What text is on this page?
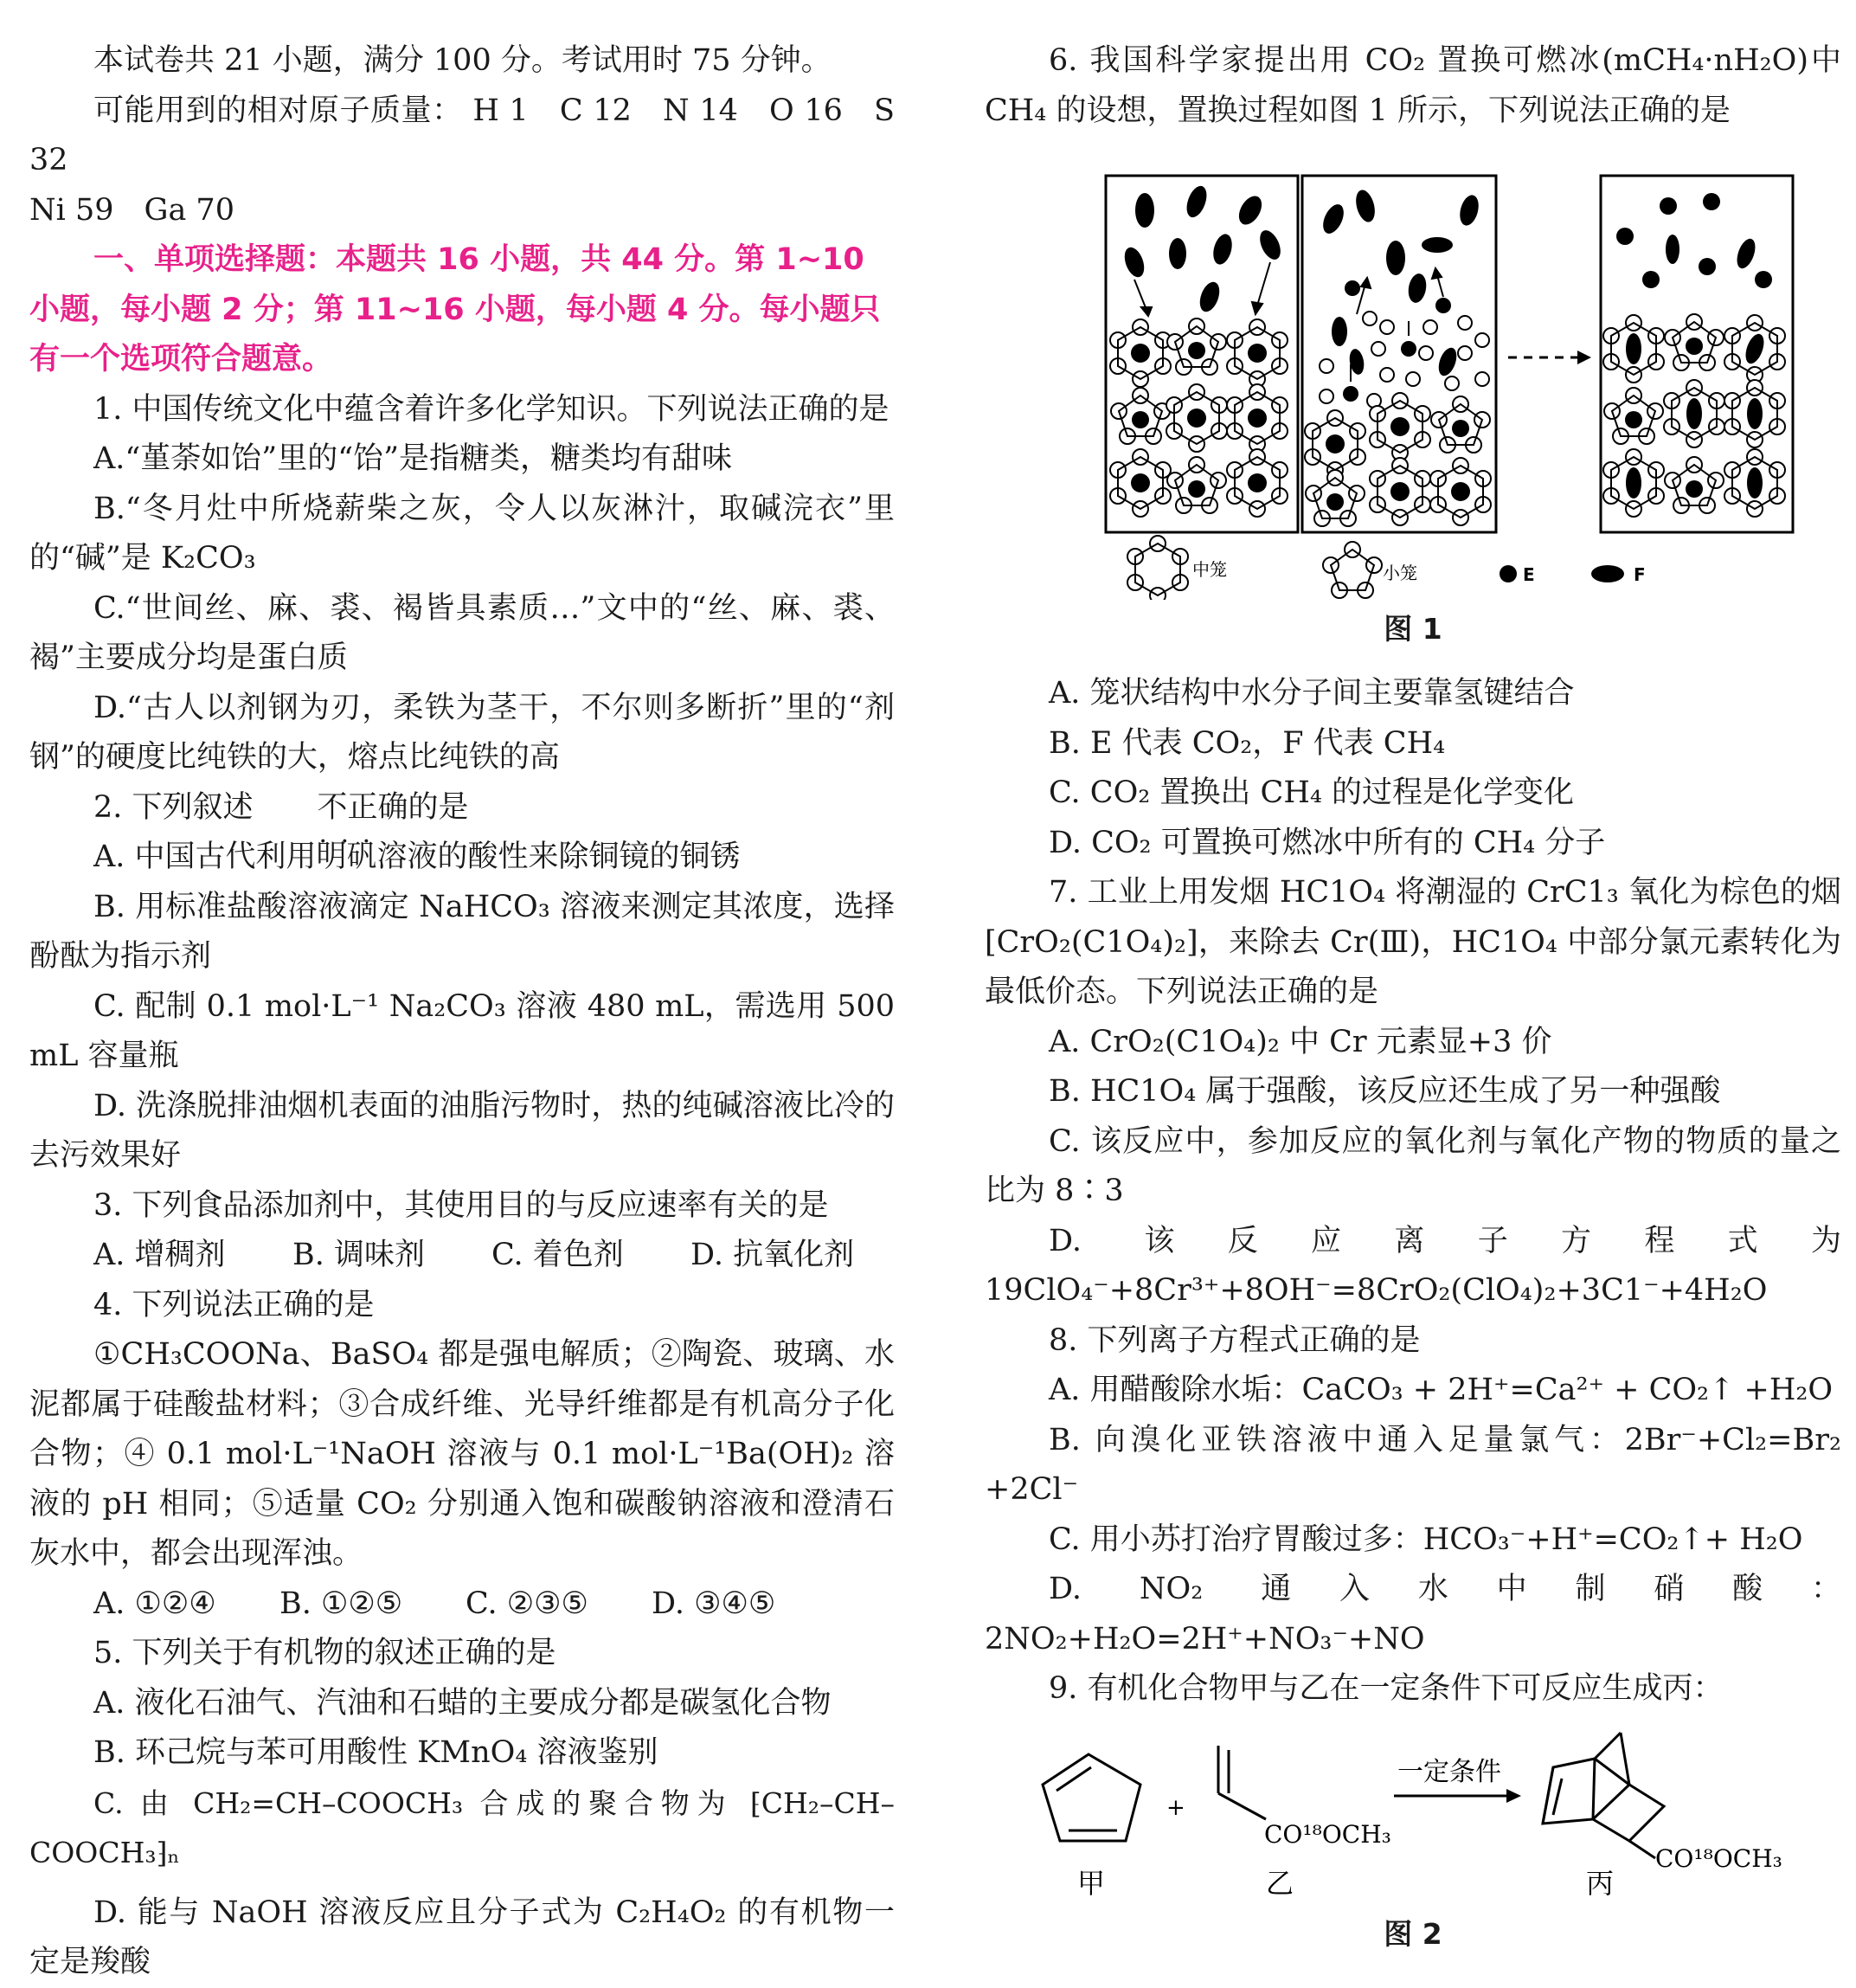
本试卷共 21 小题，满分 100 分。考试用时 75 分钟。

可能用到的相对原子质量： H 1　C 12　N 14　O 16　S 32

Ni 59　Ga 70

一、单项选择题：本题共 16 小题，共 44 分。第 1~10 小题，每小题 2 分；第 11~16 小题，每小题 4 分。每小题只有一个选项符合题意。

1. 中国传统文化中蕴含着许多化学知识。下列说法正确的是

A.“堇荼如饴”里的“饴”是指糖类，糖类均有甜味

B.“冬月灶中所烧薪柴之灰，令人以灰淋汁，取碱浣衣”里的“碱”是 K₂CO₃

C.“世间丝、麻、裘、褐皆具素质…”文中的“丝、麻、裘、褐”主要成分均是蛋白质

D.“古人以剂钢为刃，柔铁为茎干，不尔则多断折”里的“剂钢”的硬度比纯铁的大，熔点比纯铁的高

2. 下列叙述 不正确 · · ·的是

A. 中国古代利用明矾溶液的酸性来除铜镜的铜锈

B. 用标准盐酸溶液滴定 NaHCO₃ 溶液来测定其浓度，选择酚酞为指示剂

C. 配制 0.1 mol·L⁻¹ Na₂CO₃ 溶液 480 mL，需选用 500 mL 容量瓶

D. 洗涤脱排油烟机表面的油脂污物时，热的纯碱溶液比冷的去污效果好

3. 下列食品添加剂中，其使用目的与反应速率有关的是

A. 增稠剂	B. 调味剂	C. 着色剂	D. 抗氧化剂

4. 下列说法正确的是

①CH₃COONa、BaSO₄ 都是强电解质；②陶瓷、玻璃、水泥都属于硅酸盐材料；③合成纤维、光导纤维都是有机高分子化合物；④ 0.1 mol·L⁻¹NaOH 溶液与 0.1 mol·L⁻¹Ba(OH)₂ 溶液的 pH 相同；⑤适量 CO₂ 分别通入饱和碳酸钠溶液和澄清石灰水中，都会出现浑浊。

A. ①②④	B. ①②⑤	C. ②③⑤	D. ③④⑤

5. 下列关于有机物的叙述正确的是

A. 液化石油气、汽油和石蜡的主要成分都是碳氢化合物

B. 环己烷与苯可用酸性 KMnO₄ 溶液鉴别

C. 由 CH₂=CH–COOCH₃ 合成的聚合物为 ⁅CH₂–CH–COOCH₃⁆ₙ

D. 能与 NaOH 溶液反应且分子式为 C₂H₄O₂ 的有机物一定是羧酸

6. 我国科学家提出用 CO₂ 置换可燃冰(mCH₄·nH₂O)中 CH₄ 的设想，置换过程如图 1 所示，下列说法正确的是

中笼	小笼	E	F

图 1

A. 笼状结构中水分子间主要靠氢键结合

B. E 代表 CO₂，F 代表 CH₄

C. CO₂ 置换出 CH₄ 的过程是化学变化

D. CO₂ 可置换可燃冰中所有的 CH₄ 分子

7. 工业上用发烟 HC1O₄ 将潮湿的 CrC1₃ 氧化为棕色的烟[CrO₂(C1O₄)₂]，来除去 Cr(Ⅲ)，HC1O₄ 中部分氯元素转化为最低价态。下列说法正确的是

A. CrO₂(C1O₄)₂ 中 Cr 元素显+3 价

B. HC1O₄ 属于强酸，该反应还生成了另一种强酸

C. 该反应中，参加反应的氧化剂与氧化产物的物质的量之比为 8∶3

D. 该反应离子方程式为 19ClO₄⁻+8Cr³⁺+8OH⁻=8CrO₂(ClO₄)₂+3C1⁻+4H₂O

8. 下列离子方程式正确的是

A. 用醋酸除水垢：CaCO₃ + 2H⁺=Ca²⁺ + CO₂↑ +H₂O

B. 向溴化亚铁溶液中通入足量氯气：2Br⁻+Cl₂=Br₂ +2Cl⁻

C. 用小苏打治疗胃酸过多：HCO₃⁻+H⁺=CO₂↑+ H₂O

D. NO₂ 通入水中制硝酸：2NO₂+H₂O=2H⁺+NO₃⁻+NO

9. 有机化合物甲与乙在一定条件下可反应生成丙：

+
CO¹⁸OCH₃
一定条件
CO¹⁸OCH₃
甲	乙	丙

图 2
